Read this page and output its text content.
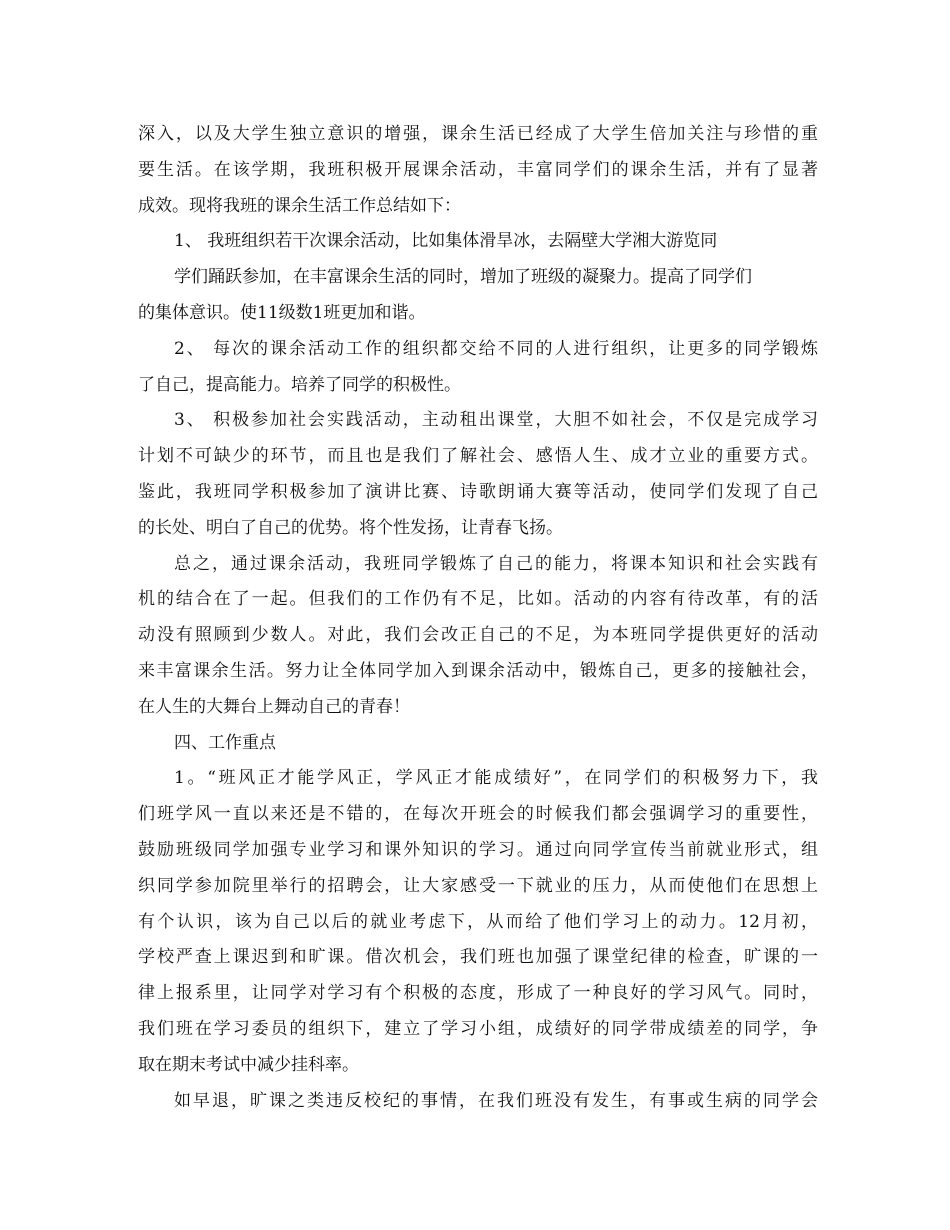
深入，以及大学生独立意识的增强，课余生活已经成了大学生倍加关注与珍惜的重
要生活。在该学期，我班积极开展课余活动，丰富同学们的课余生活，并有了显著
成效。现将我班的课余生活工作总结如下：
1、 我班组织若干次课余活动，比如集体滑旱冰，去隔壁大学湘大游览同
学们踊跃参加，在丰富课余生活的同时，增加了班级的凝聚力。提高了同学们
的集体意识。使11级数1班更加和谐。
2、 每次的课余活动工作的组织都交给不同的人进行组织，让更多的同学锻炼
了自己，提高能力。培养了同学的积极性。
3、 积极参加社会实践活动，主动租出课堂，大胆不如社会，不仅是完成学习
计划不可缺少的环节，而且也是我们了解社会、感悟人生、成才立业的重要方式。
鉴此，我班同学积极参加了演讲比赛、诗歌朗诵大赛等活动，使同学们发现了自己
的长处、明白了自己的优势。将个性发扬，让青春飞扬。
总之，通过课余活动，我班同学锻炼了自己的能力，将课本知识和社会实践有
机的结合在了一起。但我们的工作仍有不足，比如。活动的内容有待改革，有的活
动没有照顾到少数人。对此，我们会改正自己的不足，为本班同学提供更好的活动
来丰富课余生活。努力让全体同学加入到课余活动中，锻炼自己，更多的接触社会，
在人生的大舞台上舞动自己的青春！
四、工作重点
1。“班风正才能学风正，学风正才能成绩好”，在同学们的积极努力下，我
们班学风一直以来还是不错的，在每次开班会的时候我们都会强调学习的重要性，
鼓励班级同学加强专业学习和课外知识的学习。通过向同学宣传当前就业形式，组
织同学参加院里举行的招聘会，让大家感受一下就业的压力，从而使他们在思想上
有个认识，该为自己以后的就业考虑下，从而给了他们学习上的动力。12月初，
学校严查上课迟到和旷课。借次机会，我们班也加强了课堂纪律的检查，旷课的一
律上报系里，让同学对学习有个积极的态度，形成了一种良好的学习风气。同时，
我们班在学习委员的组织下，建立了学习小组，成绩好的同学带成绩差的同学，争
取在期末考试中减少挂科率。
如早退，旷课之类违反校纪的事情，在我们班没有发生，有事或生病的同学会
